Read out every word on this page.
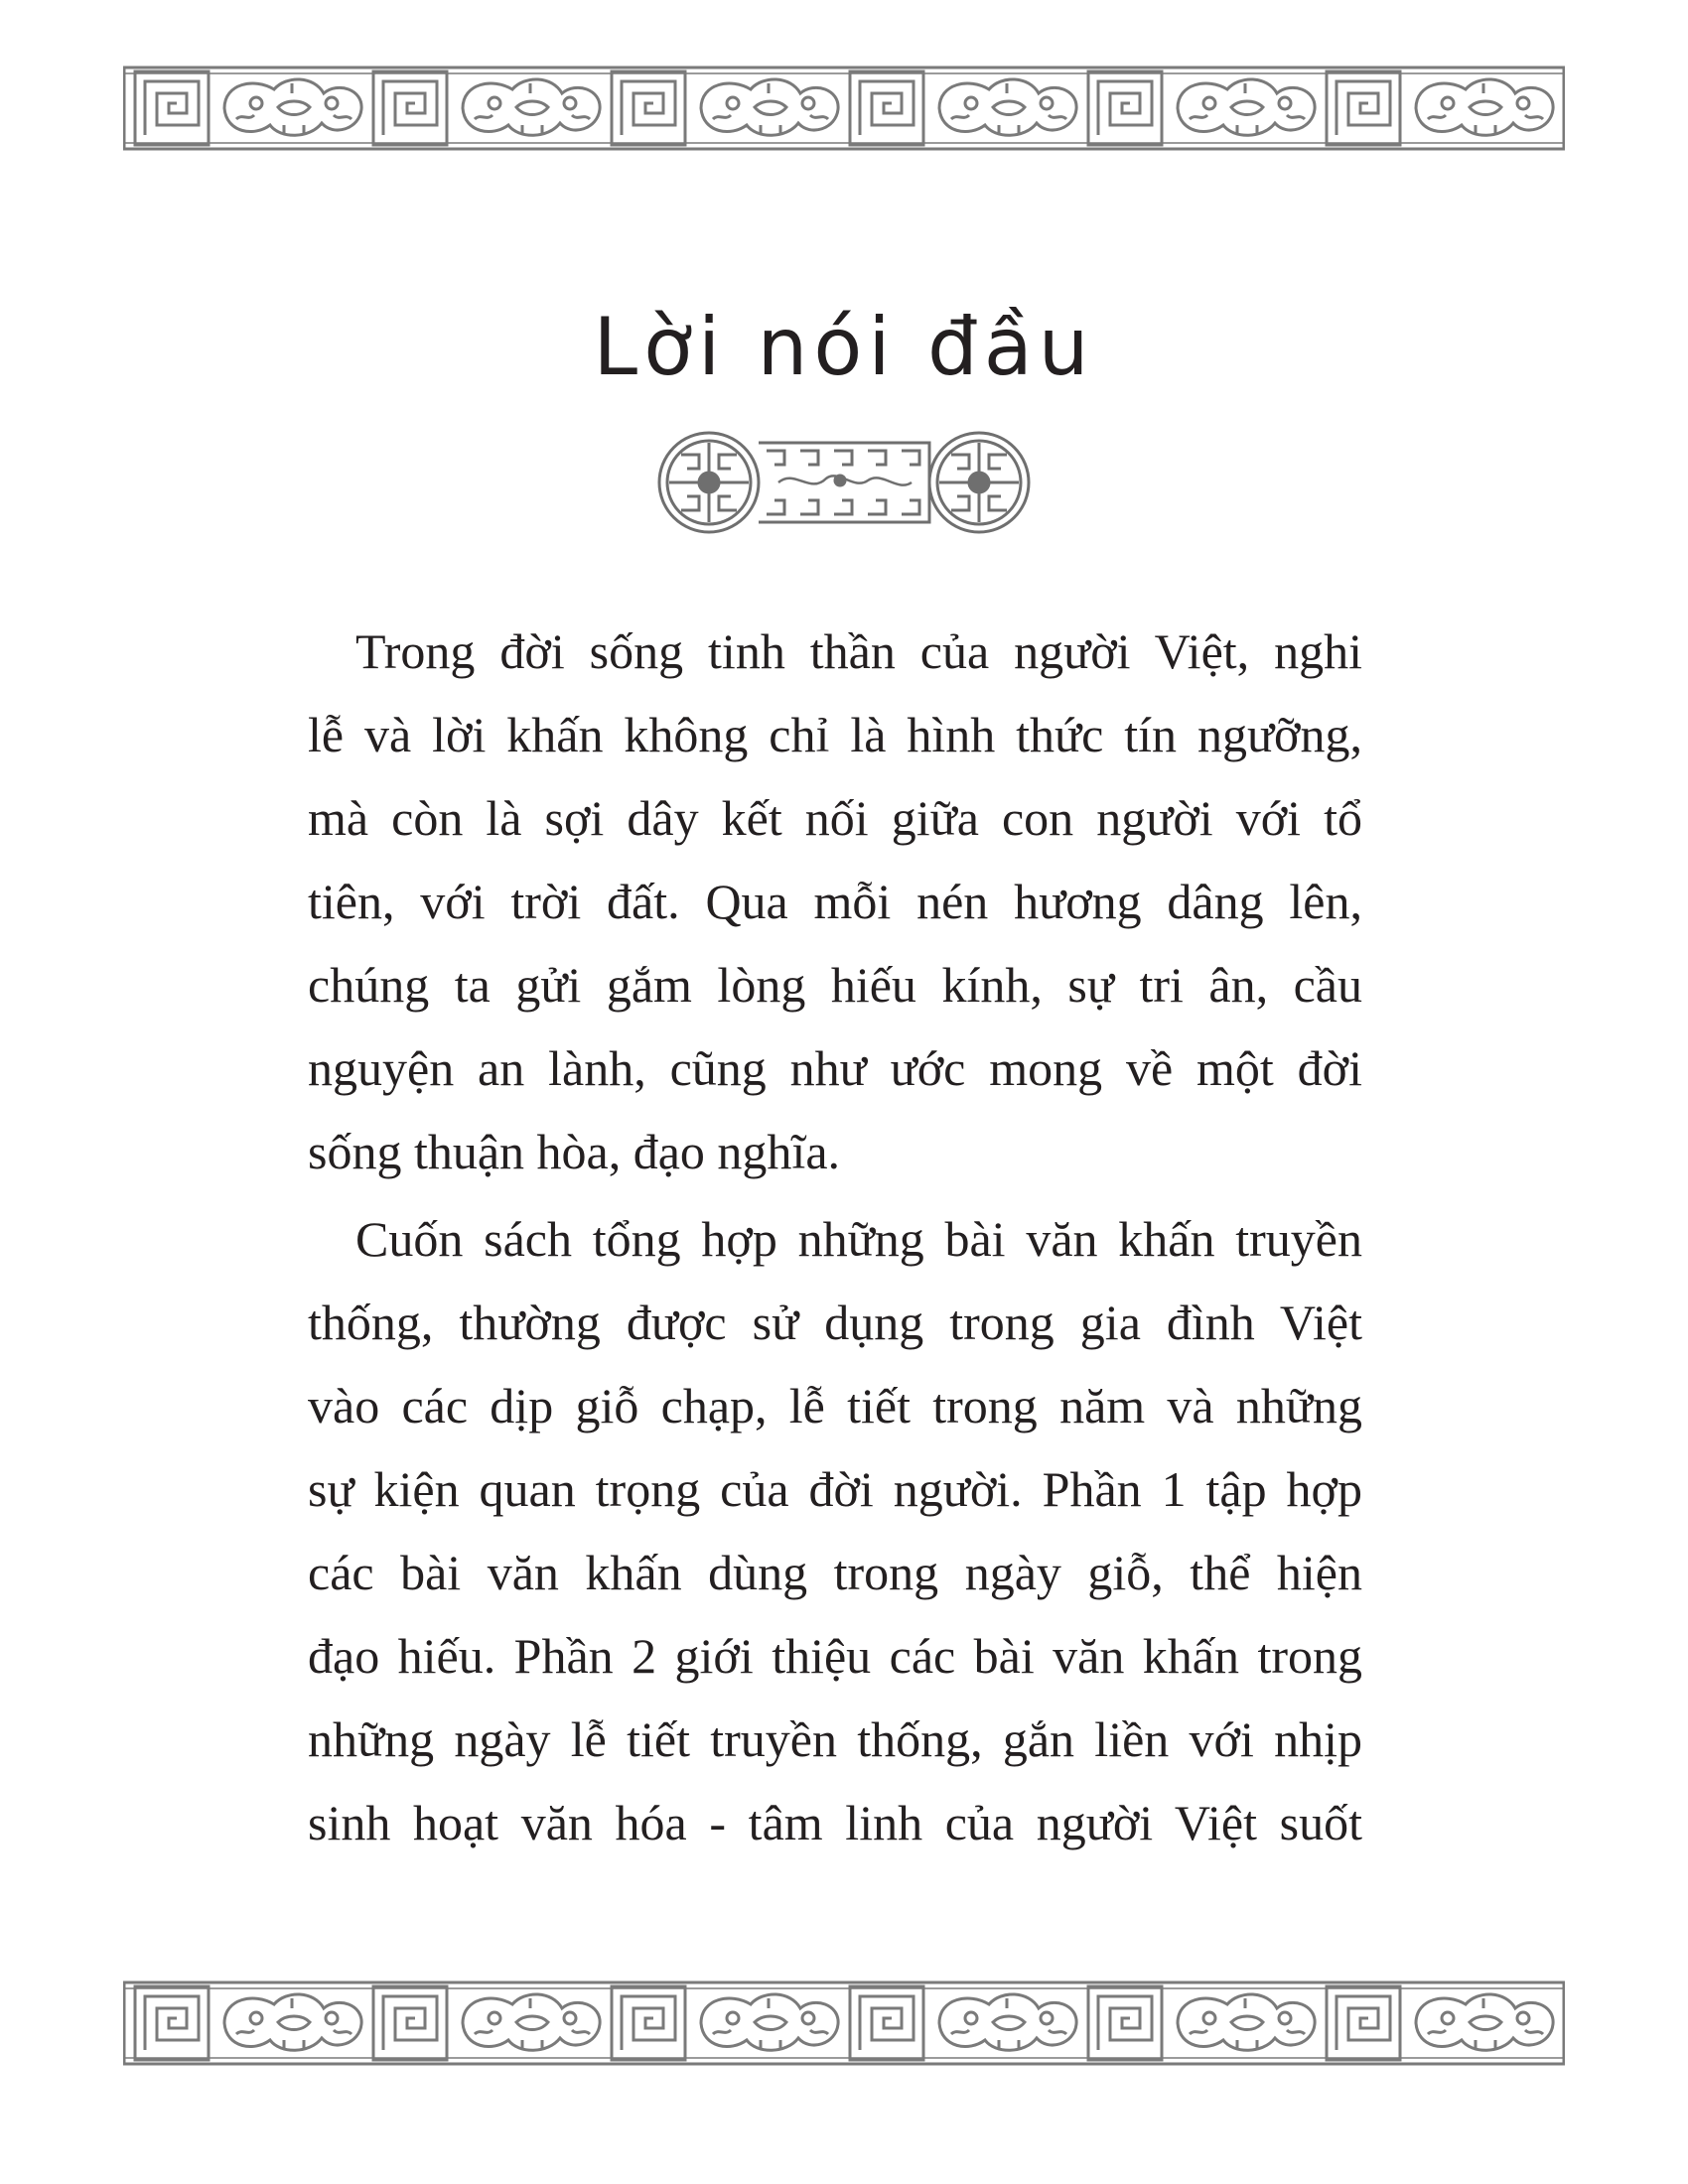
Lời nói đầu

Trong đời sống tinh thần của người Việt, nghi
lễ và lời khấn không chỉ là hình thức tín ngưỡng,
mà còn là sợi dây kết nối giữa con người với tổ
tiên, với trời đất. Qua mỗi nén hương dâng lên,
chúng ta gửi gắm lòng hiếu kính, sự tri ân, cầu
nguyện an lành, cũng như ước mong về một đời
sống thuận hòa, đạo nghĩa.

Cuốn sách tổng hợp những bài văn khấn truyền
thống, thường được sử dụng trong gia đình Việt
vào các dịp giỗ chạp, lễ tiết trong năm và những
sự kiện quan trọng của đời người. Phần 1 tập hợp
các bài văn khấn dùng trong ngày giỗ, thể hiện
đạo hiếu. Phần 2 giới thiệu các bài văn khấn trong
những ngày lễ tiết truyền thống, gắn liền với nhịp
sinh hoạt văn hóa - tâm linh của người Việt suốt
